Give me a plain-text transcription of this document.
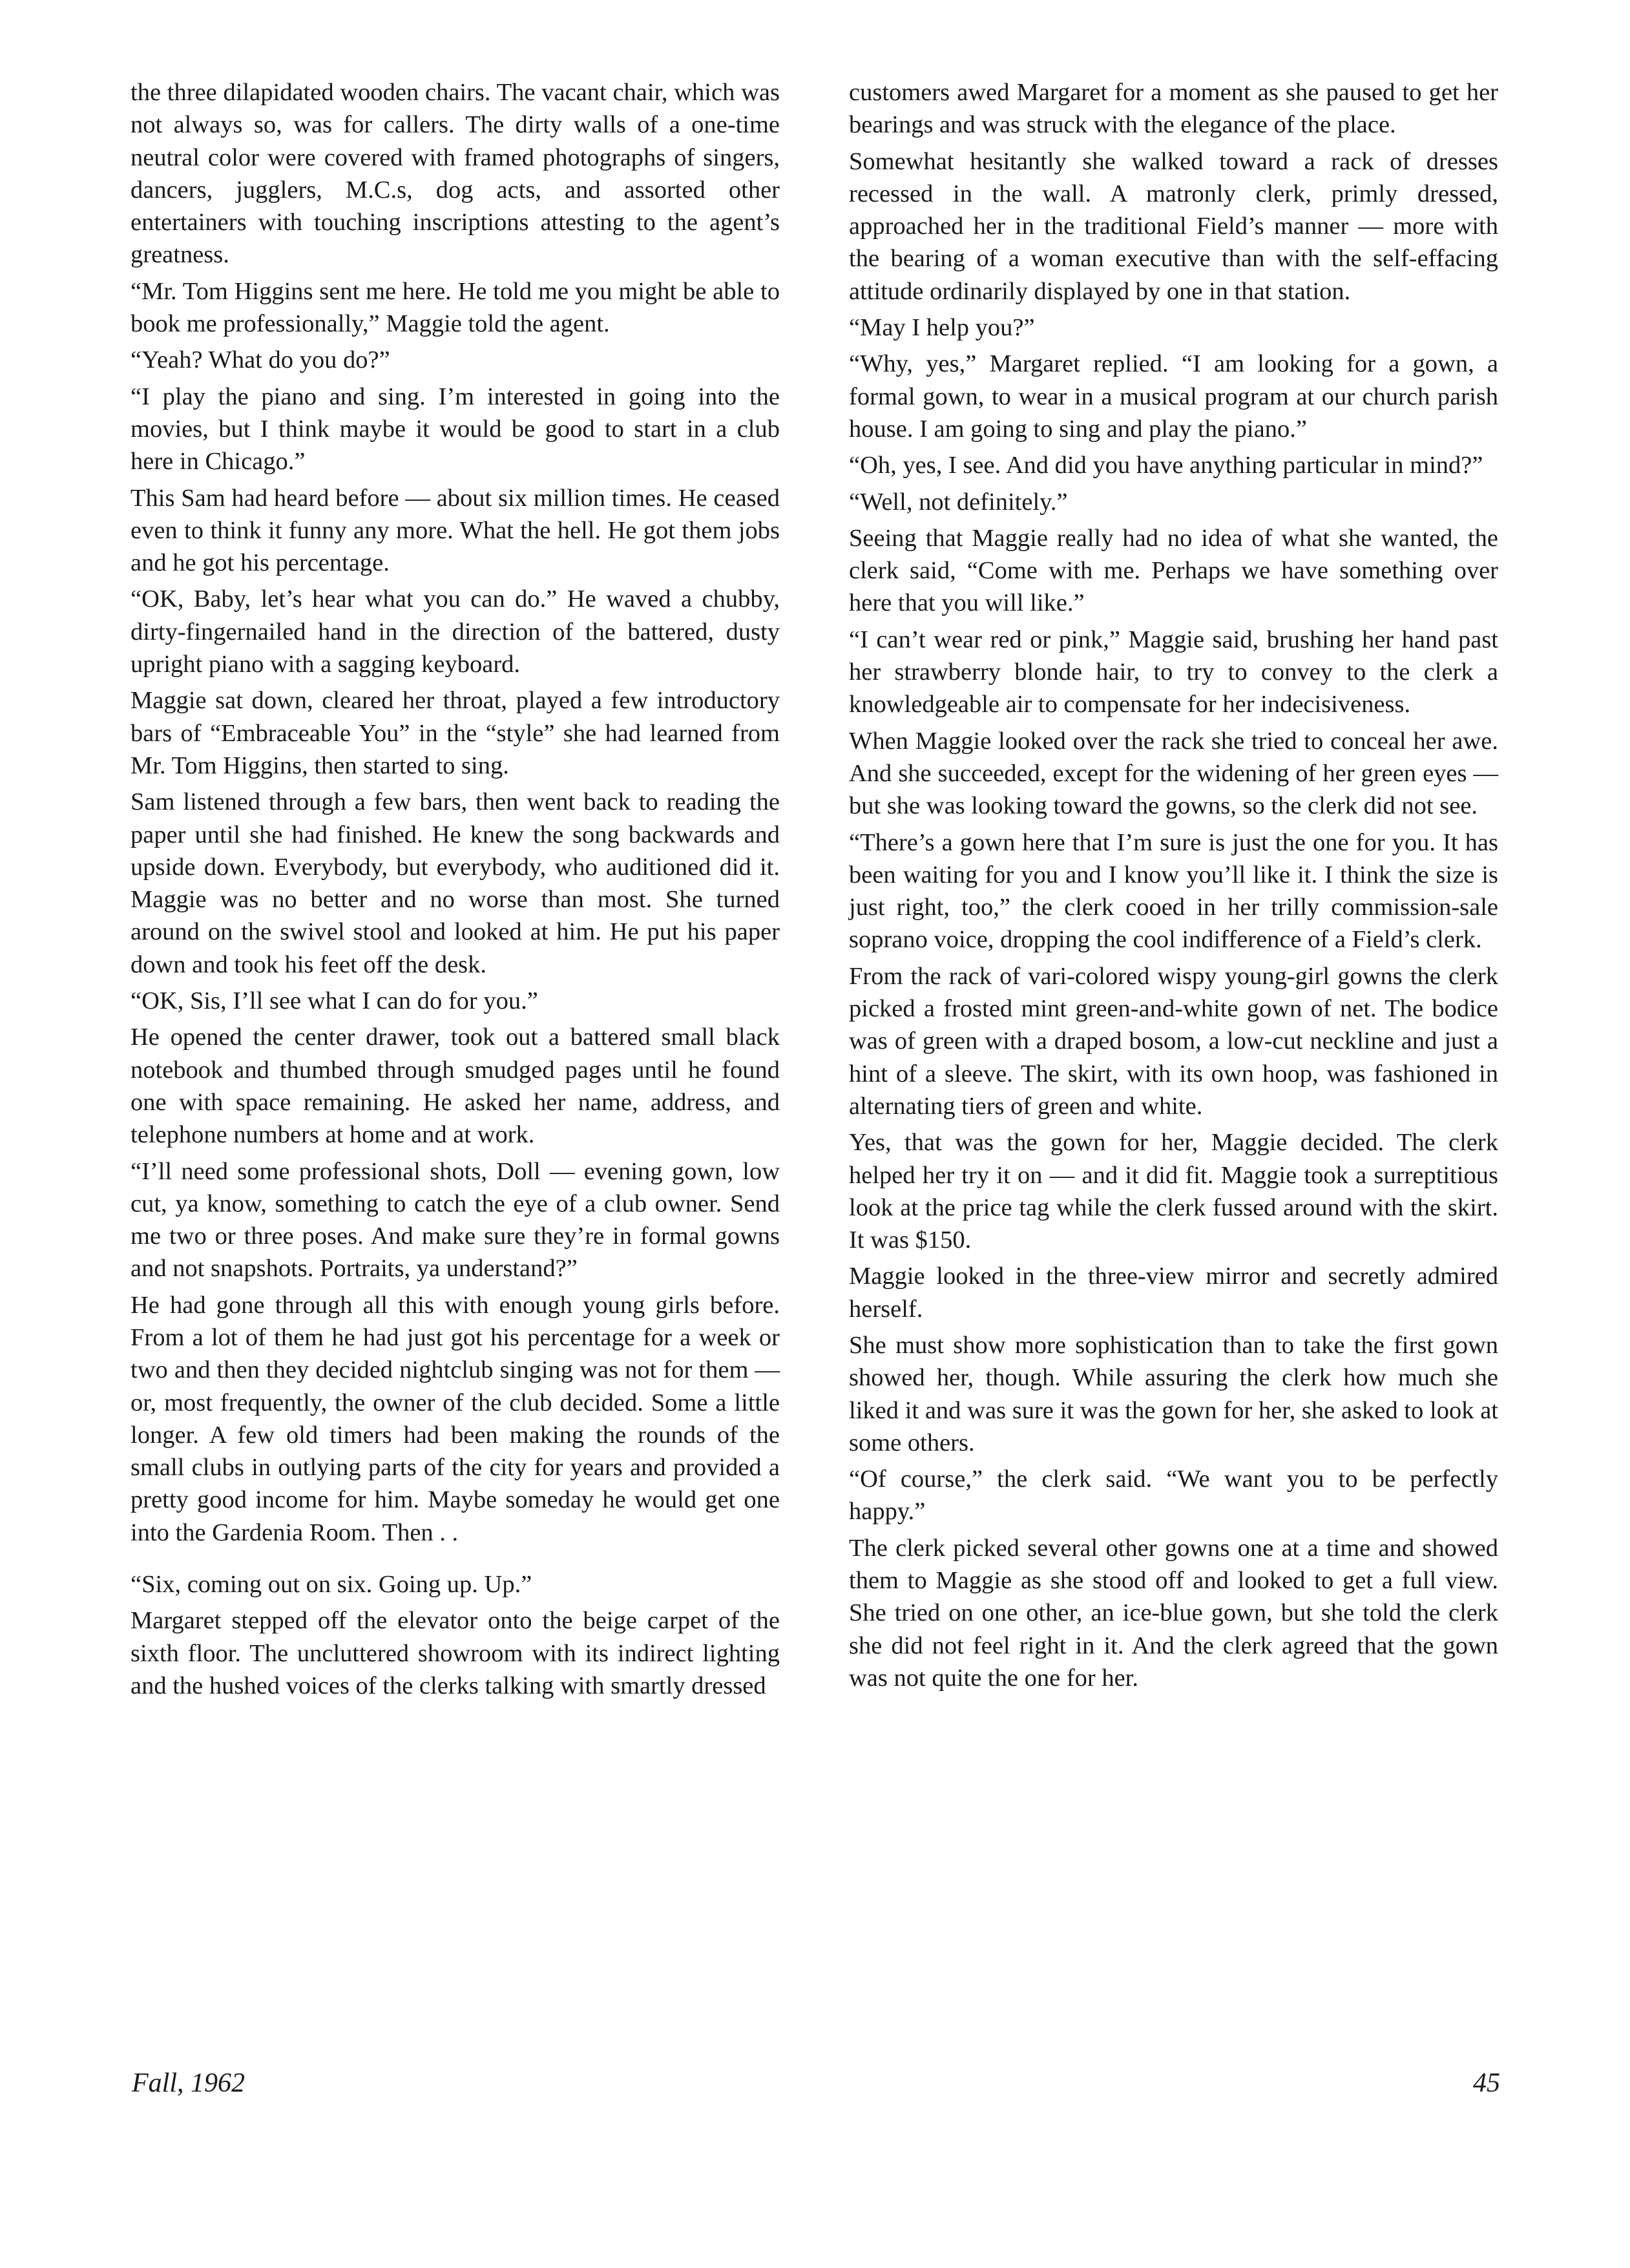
the three dilapidated wooden chairs. The vacant chair, which was not always so, was for callers. The dirty walls of a one-time neutral color were covered with framed photographs of singers, dancers, jugglers, M.C.s, dog acts, and assorted other entertainers with touching inscriptions attesting to the agent’s greatness.

“Mr. Tom Higgins sent me here. He told me you might be able to book me professionally,” Maggie told the agent.

“Yeah? What do you do?”

“I play the piano and sing. I’m interested in going into the movies, but I think maybe it would be good to start in a club here in Chicago.”

This Sam had heard before — about six million times. He ceased even to think it funny any more. What the hell. He got them jobs and he got his percentage.

“OK, Baby, let’s hear what you can do.” He waved a chubby, dirty-fingernailed hand in the direction of the battered, dusty upright piano with a sagging keyboard.

Maggie sat down, cleared her throat, played a few introductory bars of “Embraceable You” in the “style” she had learned from Mr. Tom Higgins, then started to sing.

Sam listened through a few bars, then went back to reading the paper until she had finished. He knew the song backwards and upside down. Everybody, but everybody, who auditioned did it. Maggie was no better and no worse than most. She turned around on the swivel stool and looked at him. He put his paper down and took his feet off the desk.

“OK, Sis, I’ll see what I can do for you.”

He opened the center drawer, took out a battered small black notebook and thumbed through smudged pages until he found one with space remaining. He asked her name, address, and telephone numbers at home and at work.

“I’ll need some professional shots, Doll — evening gown, low cut, ya know, something to catch the eye of a club owner. Send me two or three poses. And make sure they’re in formal gowns and not snapshots. Portraits, ya understand?”

He had gone through all this with enough young girls before. From a lot of them he had just got his percentage for a week or two and then they decided nightclub singing was not for them — or, most frequently, the owner of the club decided. Some a little longer. A few old timers had been making the rounds of the small clubs in outlying parts of the city for years and provided a pretty good income for him. Maybe someday he would get one into the Gardenia Room. Then . .

“Six, coming out on six. Going up. Up.”

Margaret stepped off the elevator onto the beige carpet of the sixth floor. The uncluttered showroom with its indirect lighting and the hushed voices of the clerks talking with smartly dressed

customers awed Margaret for a moment as she paused to get her bearings and was struck with the elegance of the place.

Somewhat hesitantly she walked toward a rack of dresses recessed in the wall. A matronly clerk, primly dressed, approached her in the traditional Field’s manner — more with the bearing of a woman executive than with the self-effacing attitude ordinarily displayed by one in that station.

“May I help you?”

“Why, yes,” Margaret replied. “I am looking for a gown, a formal gown, to wear in a musical program at our church parish house. I am going to sing and play the piano.”

“Oh, yes, I see. And did you have anything particular in mind?”

“Well, not definitely.”

Seeing that Maggie really had no idea of what she wanted, the clerk said, “Come with me. Perhaps we have something over here that you will like.”

“I can’t wear red or pink,” Maggie said, brushing her hand past her strawberry blonde hair, to try to convey to the clerk a knowledgeable air to compensate for her indecisiveness.

When Maggie looked over the rack she tried to conceal her awe. And she succeeded, except for the widening of her green eyes — but she was looking toward the gowns, so the clerk did not see.

“There’s a gown here that I’m sure is just the one for you. It has been waiting for you and I know you’ll like it. I think the size is just right, too,” the clerk cooed in her trilly commission-sale soprano voice, dropping the cool indifference of a Field’s clerk.

From the rack of vari-colored wispy young-girl gowns the clerk picked a frosted mint green-and-white gown of net. The bodice was of green with a draped bosom, a low-cut neckline and just a hint of a sleeve. The skirt, with its own hoop, was fashioned in alternating tiers of green and white.

Yes, that was the gown for her, Maggie decided. The clerk helped her try it on — and it did fit. Maggie took a surreptitious look at the price tag while the clerk fussed around with the skirt. It was $150.

Maggie looked in the three-view mirror and secretly admired herself.

She must show more sophistication than to take the first gown showed her, though. While assuring the clerk how much she liked it and was sure it was the gown for her, she asked to look at some others.

“Of course,” the clerk said. “We want you to be perfectly happy.”

The clerk picked several other gowns one at a time and showed them to Maggie as she stood off and looked to get a full view. She tried on one other, an ice-blue gown, but she told the clerk she did not feel right in it. And the clerk agreed that the gown was not quite the one for her.

Fall, 1962	45
